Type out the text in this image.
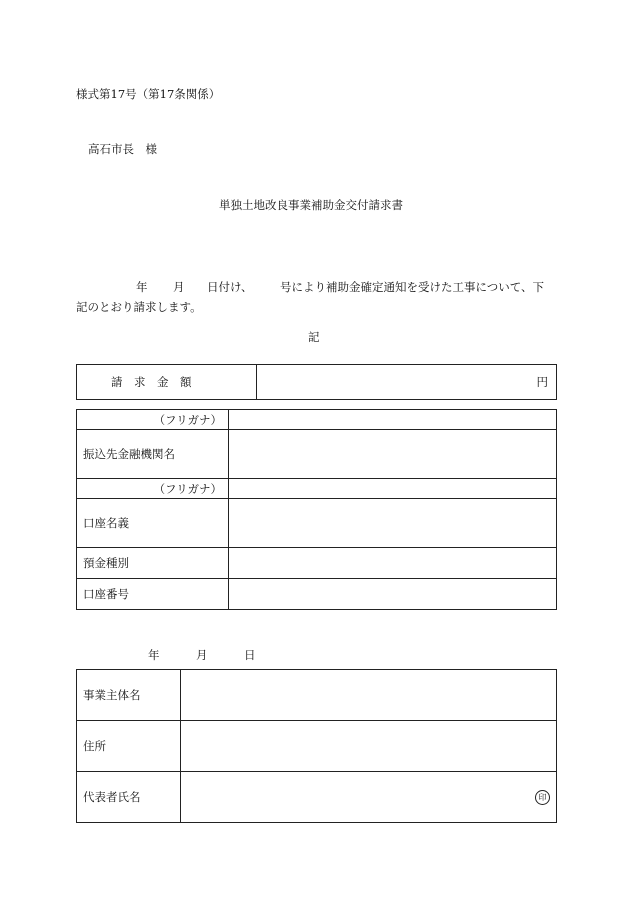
様式第17号（第17条関係）
高石市長　様
単独土地改良事業補助金交付請求書
年 月 日付け、 号により補助金確定通知を受けた工事について、下
記のとおり請求します。
記
請　求　金　額	円
（フリガナ）	
振込先金融機関名	
（フリガナ）	
口座名義	
預金種別	
口座番号	
年	月	日
事業主体名	
住所	
代表者氏名	印
